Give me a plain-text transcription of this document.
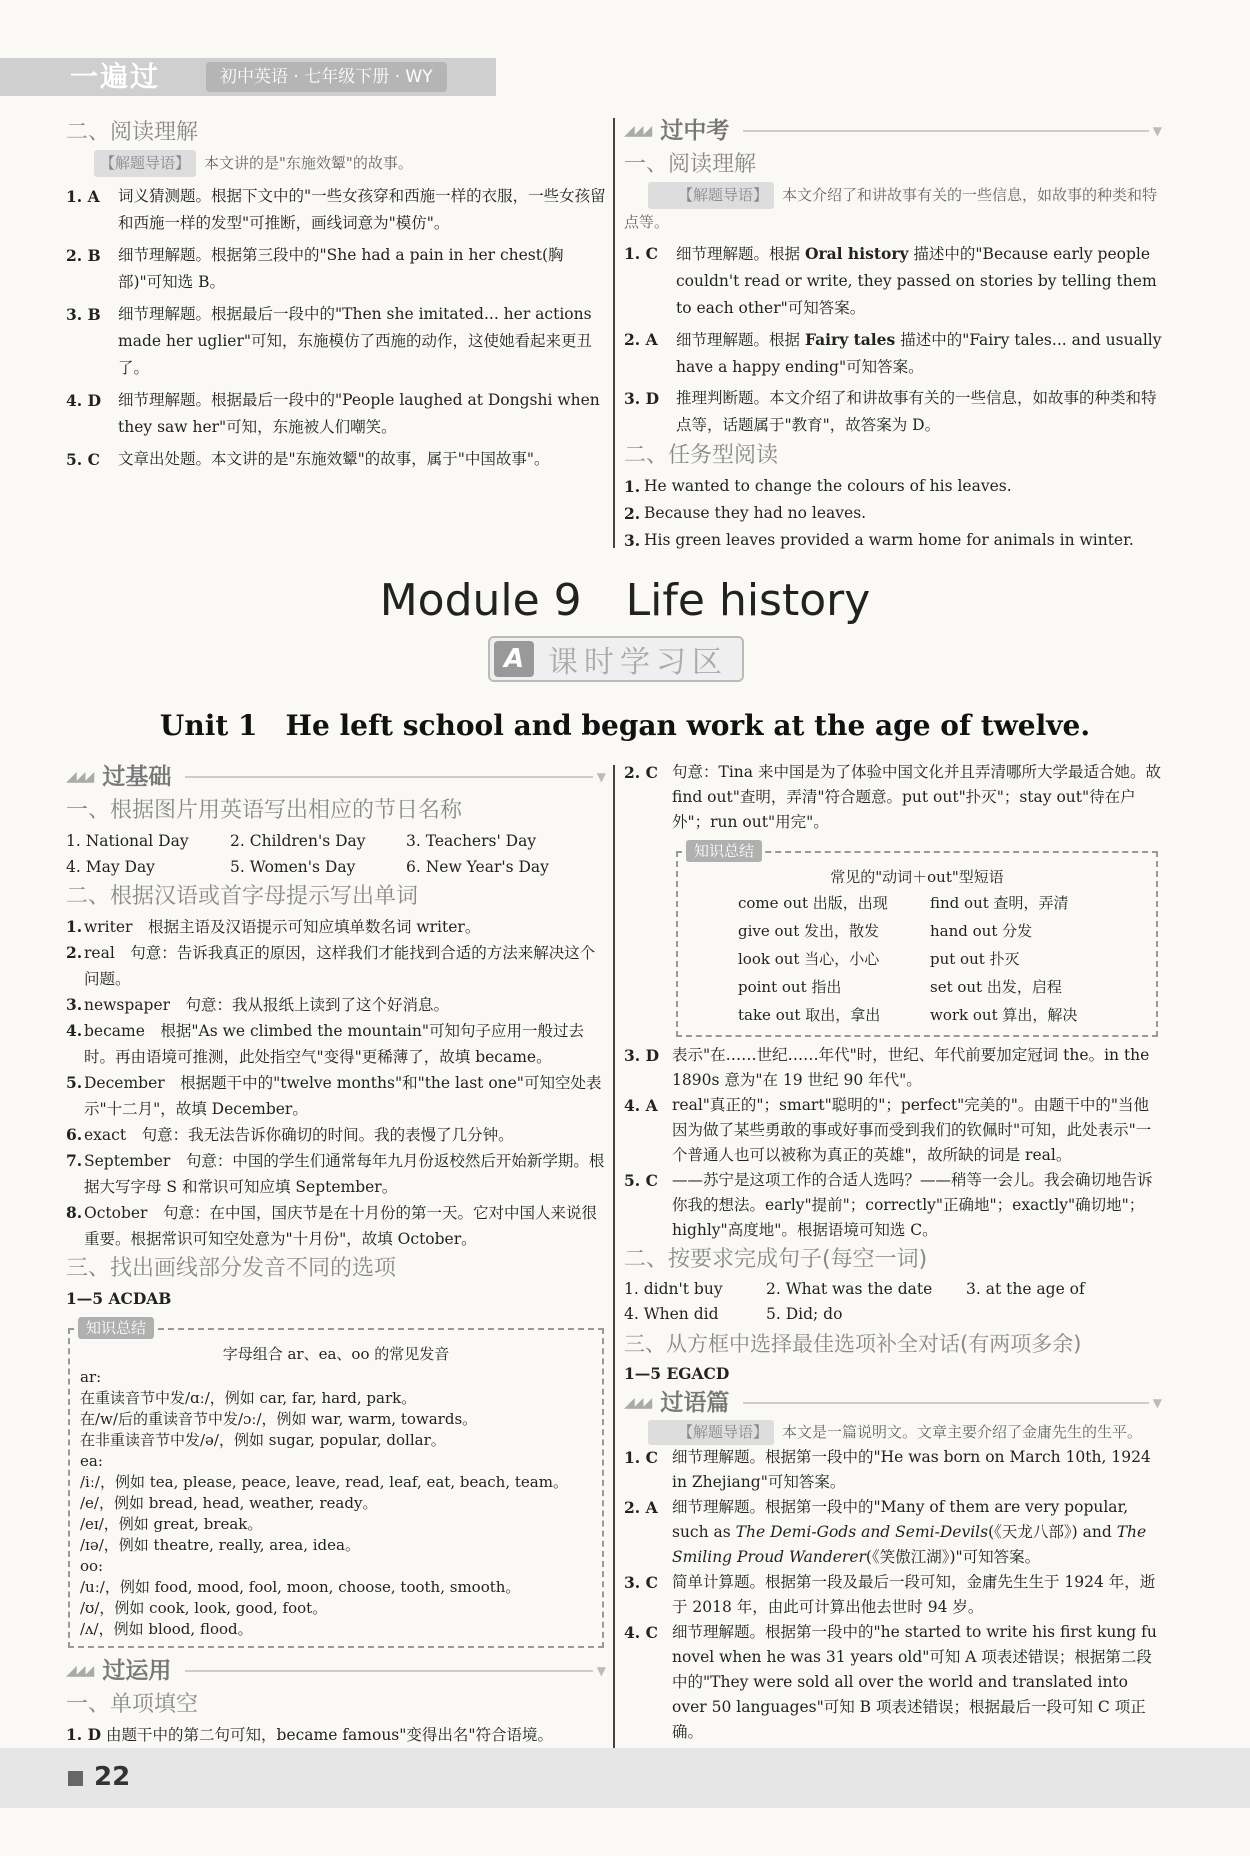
一遍过	初中英语 · 七年级下册 · WY
二、阅读理解
【解题导语】 本文讲的是"东施效颦"的故事。
1. A	词义猜测题。根据下文中的"一些女孩穿和西施一样的衣服，一些女孩留和西施一样的发型"可推断，画线词意为"模仿"。
2. B	细节理解题。根据第三段中的"She had a pain in her chest(胸部)"可知选 B。
3. B	细节理解题。根据最后一段中的"Then she imitated... her actions made her uglier"可知，东施模仿了西施的动作，这使她看起来更丑了。
4. D	细节理解题。根据最后一段中的"People laughed at Dongshi when they saw her"可知，东施被人们嘲笑。
5. C	文章出处题。本文讲的是"东施效颦"的故事，属于"中国故事"。
◢◢◢ 过中考	▼
一、阅读理解
【解题导语】 本文介绍了和讲故事有关的一些信息，如故事的种类和特点等。
1. C	细节理解题。根据 Oral history 描述中的"Because early people couldn't read or write, they passed on stories by telling them to each other"可知答案。
2. A	细节理解题。根据 Fairy tales 描述中的"Fairy tales... and usually have a happy ending"可知答案。
3. D	推理判断题。本文介绍了和讲故事有关的一些信息，如故事的种类和特点等，话题属于"教育"，故答案为 D。
二、任务型阅读
1. He wanted to change the colours of his leaves.
2. Because they had no leaves.
3. His green leaves provided a warm home for animals in winter.
Module 9　Life history
A 课时学习区
Unit 1　He left school and began work at the age of twelve.
◢◢◢ 过基础	▼
一、根据图片用英语写出相应的节日名称
1. National Day	2. Children's Day	3. Teachers' Day
4. May Day	5. Women's Day	6. New Year's Day
二、根据汉语或首字母提示写出单词
1. writer　根据主语及汉语提示可知应填单数名词 writer。
2. real　句意：告诉我真正的原因，这样我们才能找到合适的方法来解决这个问题。
3. newspaper　句意：我从报纸上读到了这个好消息。
4. became　根据"As we climbed the mountain"可知句子应用一般过去时。再由语境可推测，此处指空气"变得"更稀薄了，故填 became。
5. December　根据题干中的"twelve months"和"the last one"可知空处表示"十二月"，故填 December。
6. exact　句意：我无法告诉你确切的时间。我的表慢了几分钟。
7. September　句意：中国的学生们通常每年九月份返校然后开始新学期。根据大写字母 S 和常识可知应填 September。
8. October　句意：在中国，国庆节是在十月份的第一天。它对中国人来说很重要。根据常识可知空处意为"十月份"，故填 October。
三、找出画线部分发音不同的选项
1—5 ACDAB
知识总结
字母组合 ar、ea、oo 的常见发音
ar:
在重读音节中发/ɑː/，例如 car, far, hard, park。
在/w/后的重读音节中发/ɔː/，例如 war, warm, towards。
在非重读音节中发/ə/，例如 sugar, popular, dollar。
ea:
/iː/，例如 tea, please, peace, leave, read, leaf, eat, beach, team。
/e/，例如 bread, head, weather, ready。
/eɪ/，例如 great, break。
/ɪə/，例如 theatre, really, area, idea。
oo:
/uː/，例如 food, mood, fool, moon, choose, tooth, smooth。
/ʊ/，例如 cook, look, good, foot。
/ʌ/，例如 blood, flood。
◢◢◢ 过运用	▼
一、单项填空
1. D 由题干中的第二句可知，became famous"变得出名"符合语境。
2. C 句意：Tina 来中国是为了体验中国文化并且弄清哪所大学最适合她。故 find out"查明，弄清"符合题意。put out"扑灭"；stay out"待在户外"；run out"用完"。
知识总结
常见的"动词＋out"型短语
come out 出版，出现	find out 查明，弄清
give out 发出，散发	hand out 分发
look out 当心，小心	put out 扑灭
point out 指出	set out 出发，启程
take out 取出，拿出	work out 算出，解决
3. D 表示"在……世纪……年代"时，世纪、年代前要加定冠词 the。in the 1890s 意为"在 19 世纪 90 年代"。
4. A real"真正的"；smart"聪明的"；perfect"完美的"。由题干中的"当他因为做了某些勇敢的事或好事而受到我们的钦佩时"可知，此处表示"一个普通人也可以被称为真正的英雄"，故所缺的词是 real。
5. C ——苏宁是这项工作的合适人选吗？——稍等一会儿。我会确切地告诉你我的想法。early"提前"；correctly"正确地"；exactly"确切地"；highly"高度地"。根据语境可知选 C。
二、按要求完成句子(每空一词)
1. didn't buy	2. What was the date	3. at the age of
4. When did	5. Did; do
三、从方框中选择最佳选项补全对话(有两项多余)
1—5 EGACD
◢◢◢ 过语篇	▼
【解题导语】 本文是一篇说明文。文章主要介绍了金庸先生的生平。
1. C 细节理解题。根据第一段中的"He was born on March 10th, 1924 in Zhejiang"可知答案。
2. A 细节理解题。根据第一段中的"Many of them are very popular, such as The Demi-Gods and Semi-Devils(《天龙八部》) and The Smiling Proud Wanderer(《笑傲江湖》)"可知答案。
3. C 简单计算题。根据第一段及最后一段可知，金庸先生生于 1924 年，逝于 2018 年，由此可计算出他去世时 94 岁。
4. C 细节理解题。根据第一段中的"he started to write his first kung fu novel when he was 31 years old"可知 A 项表述错误；根据第二段中的"They were sold all over the world and translated into over 50 languages"可知 B 项表述错误；根据最后一段可知 C 项正确。
22
